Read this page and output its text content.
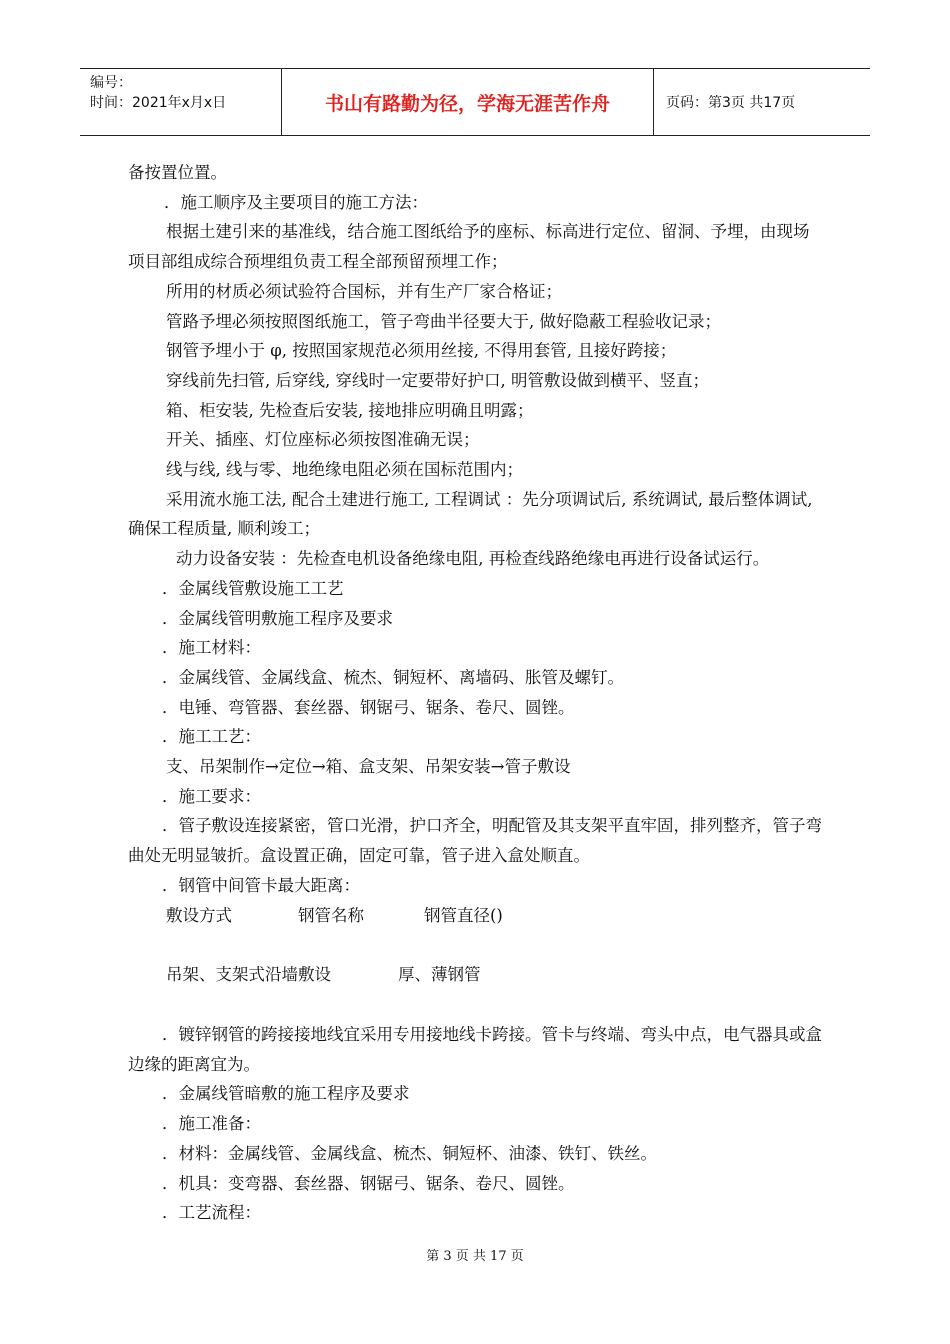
编号：
时间：2021年x月x日	书山有路勤为径，学海无涯苦作舟	页码：第3页 共17页

备按置位置。

．施工顺序及主要项目的施工方法：

根据土建引来的基准线，结合施工图纸给予的座标、标高进行定位、留洞、予埋，由现场项目部组成综合预埋组负责工程全部预留预埋工作；

所用的材质必须试验符合国标，并有生产厂家合格证；

管路予埋必须按照图纸施工，管子弯曲半径要大于, 做好隐蔽工程验收记录；

钢管予埋小于 φ, 按照国家规范必须用丝接, 不得用套管, 且接好跨接；

穿线前先扫管, 后穿线, 穿线时一定要带好护口, 明管敷设做到横平、竖直；

箱、柜安装, 先检查后安装, 接地排应明确且明露；

开关、插座、灯位座标必须按图准确无误；

线与线, 线与零、地绝缘电阻必须在国标范围内；

采用流水施工法, 配合土建进行施工, 工程调试 ：先分项调试后, 系统调试, 最后整体调试, 确保工程质量, 顺利竣工；

动力设备安装 ：先检查电机设备绝缘电阻, 再检查线路绝缘电再进行设备试运行。

．金属线管敷设施工工艺

．金属线管明敷施工程序及要求

．施工材料：

．金属线管、金属线盒、梳杰、铜短杯、离墙码、胀管及螺钉。

．电锤、弯管器、套丝器、钢锯弓、锯条、卷尺、圆锉。

．施工工艺：

支、吊架制作→定位→箱、盒支架、吊架安装→管子敷设

．施工要求：

．管子敷设连接紧密，管口光滑，护口齐全，明配管及其支架平直牢固，排列整齐，管子弯曲处无明显皱折。盒设置正确，固定可靠，管子进入盒处顺直。

．钢管中间管卡最大距离：

敷设方式	钢管名称	钢管直径()
吊架、支架式沿墙敷设	厚、薄钢管

．镀锌钢管的跨接接地线宜采用专用接地线卡跨接。管卡与终端、弯头中点，电气器具或盒边缘的距离宜为。

．金属线管暗敷的施工程序及要求

．施工准备：

．材料：金属线管、金属线盒、梳杰、铜短杯、油漆、铁钉、铁丝。

．机具：变弯器、套丝器、钢锯弓、锯条、卷尺、圆锉。

．工艺流程：

第 3 页 共 17 页
